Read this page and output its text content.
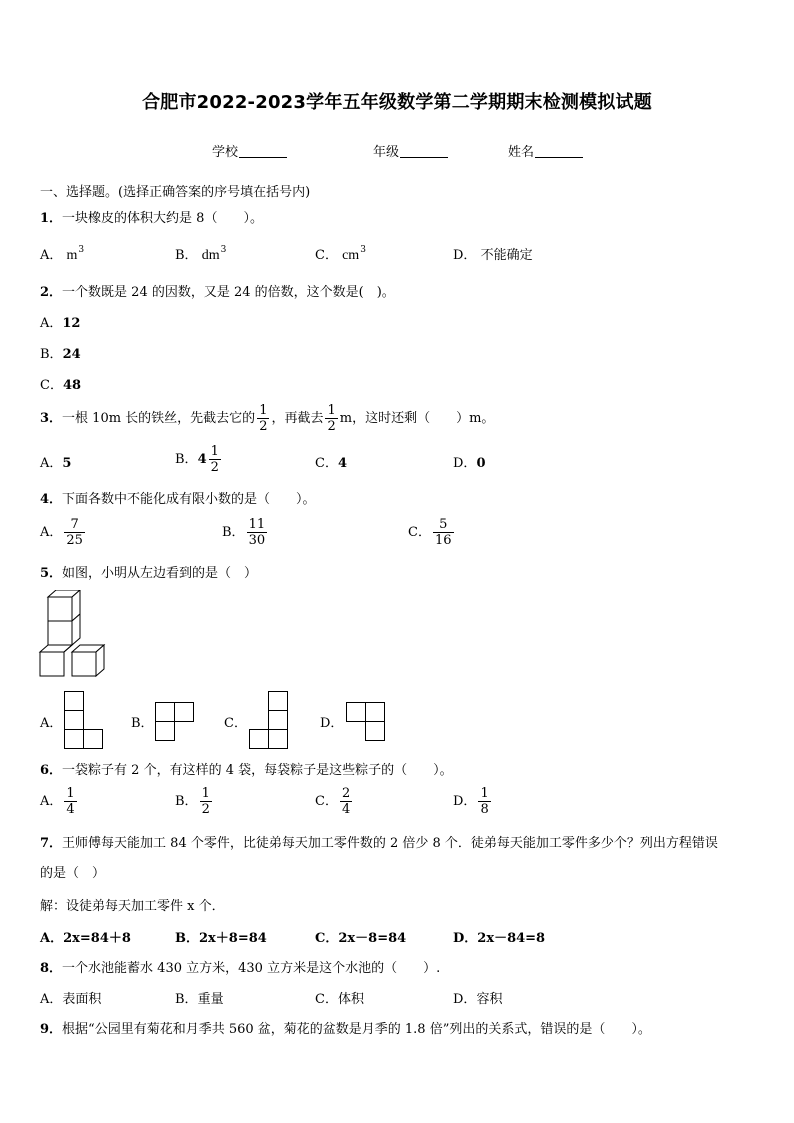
合肥市2022-2023学年五年级数学第二学期期末检测模拟试题
学校	年级	姓名
一、选择题。(选择正确答案的序号填在括号内)
1．一块橡皮的体积大约是 8（　　）。
A． $m^3$	B． $dm^3$	C． $cm^3$	D． 不能确定
2．一个数既是 24 的因数，又是 24 的倍数，这个数是(　)。
A．12
B．24
C．48
3．一根 10m 长的铁丝，先截去它的 $\frac{1}{2}$ ，再截去 $\frac{1}{2}$ m，这时还剩（　　）m。
A．5	B．$4 \frac{1}{2}$	C．4	D．0
4．下面各数中不能化成有限小数的是（　　）。
A． $\frac{7}{25}$	B． $\frac{11}{30}$	C． $\frac{5}{16}$
5．如图，小明从左边看到的是（　）
A．	B．	C．	D．
6．一袋粽子有 2 个，有这样的 4 袋，每袋粽子是这些粽子的（　　）。
A． $\frac{1}{4}$	B． $\frac{1}{2}$	C． $\frac{2}{4}$	D． $\frac{1}{8}$
7．王师傅每天能加工 84 个零件，比徒弟每天加工零件数的 2 倍少 8 个．徒弟每天能加工零件多少个？列出方程错误
的是（　）
解：设徒弟每天加工零件 x 个．
A．2x=84＋8	B．2x＋8=84	C．2x－8=84	D．2x－84=8
8．一个水池能蓄水 430 立方米，430 立方米是这个水池的（　　）.
A．表面积	B．重量	C．体积	D．容积
9．根据“公园里有菊花和月季共 560 盆，菊花的盆数是月季的 1.8 倍”列出的关系式，错误的是（　　）。
